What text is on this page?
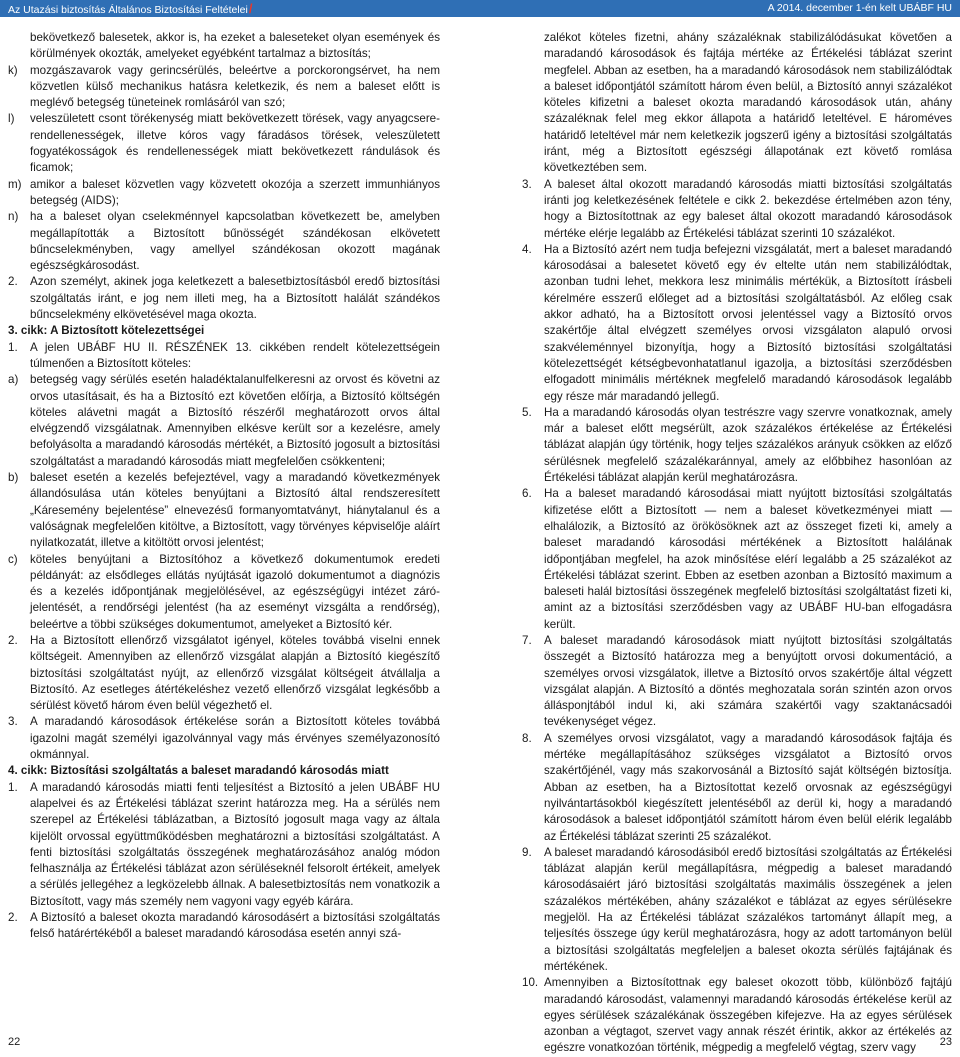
Az Utazási biztosítás Általános Biztosítási Feltételei/	A 2014. december 1-én kelt UBÁBF HU

bekövetkező balesetek, akkor is, ha ezeket a baleseteket olyan események és körülmények okozták, amelyeket egyébként tartalmaz a biztosítás;

k)	mozgászavarok vagy gerincsérülés, beleértve a porckorongsérvet, ha nem közvetlen külső mechanikus hatásra keletkezik, és nem a baleset előtt is meglévő betegség tüneteinek romlásáról van szó;
l)	veleszületett csont törékenység miatt bekövetkezett törések, vagy anyagcsere-rendellenességek, illetve kóros vagy fáradásos törések, veleszületett fogyatékosságok és rendellenességek miatt bekövetkezett rándulások és ficamok;
m) amikor a baleset közvetlen vagy közvetett okozója a szerzett immunhiányos betegség (AIDS);
n)	ha a baleset olyan cselekménnyel kapcsolatban következett be, amelyben megállapították a Biztosított bűnösségét szándékosan elkövetett bűncselekményben, vagy amellyel szándékosan okozott magának egészségkárosodást.
2.	Azon személyt, akinek joga keletkezett a balesetbiztosításból eredő biztosítási szolgáltatás iránt, e jog nem illeti meg, ha a Biztosított halálát szándékos bűncselekmény elkövetésével maga okozta.

3. cikk: A Biztosított kötelezettségei

1.	A jelen UBÁBF HU II. RÉSZÉNEK 13. cikkében rendelt kötelezettségein túlmenően a Biztosított köteles:
a)	betegség vagy sérülés esetén haladéktalanulfelkeresni az orvost és követni az orvos utasításait, és ha a Biztosító ezt követően előírja, a Biztosító költségén köteles alávetni magát a Biztosító részéről meghatározott orvos által elvégzendő vizsgálatnak. Amennyiben elkésve került sor a kezelésre, amely befolyásolta a maradandó károsodás mértékét, a Biztosító jogosult a biztosítási szolgáltatást a maradandó károsodás miatt megfelelően csökkenteni;
b)	baleset esetén a kezelés befejeztével, vagy a maradandó következmények állandósulása után köteles benyújtani a Biztosító által rendszeresített „Káresemény bejelentése” elnevezésű formanyomtatványt, hiánytalanul és a valóságnak megfelelően kitöltve, a Biztosított, vagy törvényes képviselője aláírt nyilatkozatát, illetve a kitöltött orvosi jelentést;
c)	köteles benyújtani a Biztosítóhoz a következő dokumentumok eredeti példányát: az elsődleges ellátás nyújtását igazoló dokumentumot a diagnózis és a kezelés időpontjának megjelölésével, az egészségügyi intézet záró-jelentését, a rendőrségi jelentést (ha az eseményt vizsgálta a rendőrség), beleértve a többi szükséges dokumentumot, amelyeket a Biztosító kér.
2.	Ha a Biztosított ellenőrző vizsgálatot igényel, köteles továbbá viselni ennek költségeit. Amennyiben az ellenőrző vizsgálat alapján a Biztosító kiegészítő biztosítási szolgáltatást nyújt, az ellenőrző vizsgálat költségeit átvállalja a Biztosító. Az esetleges átértékeléshez vezető ellenőrző vizsgálat legkésőbb a sérülést követő három éven belül végezhető el.
3.	A maradandó károsodások értékelése során a Biztosított köteles továbbá igazolni magát személyi igazolvánnyal vagy más érvényes személyazonosító okmánnyal.

4. cikk: Biztosítási szolgáltatás a baleset maradandó károsodás miatt

1.	A maradandó károsodás miatti fenti teljesítést a Biztosító a jelen UBÁBF HU alapelvei és az Értékelési táblázat szerint határozza meg. Ha a sérülés nem szerepel az Értékelési táblázatban, a Biztosító jogosult maga vagy az általa kijelölt orvossal együttműködésben meghatározni a biztosítási szolgáltatást. A fenti biztosítási szolgáltatás összegének meghatározásához analóg módon felhasználja az Értékelési táblázat azon sérüléseknél felsorolt értékeit, amelyek a sérülés jellegéhez a legközelebb állnak. A balesetbiztosítás nem vonatkozik a Biztosított, vagy más személy nem vagyoni vagy egyéb kárára.
2.	A Biztosító a baleset okozta maradandó károsodásért a biztosítási szolgáltatás felső határértékéből a baleset maradandó károsodása esetén annyi szá-

zalékot köteles fizetni, ahány százaléknak stabilizálódásukat követően a maradandó károsodások és fajtája mértéke az Értékelési táblázat szerint megfelel. Abban az esetben, ha a maradandó károsodások nem stabilizálódtak a baleset időpontjától számított három éven belül, a Biztosító annyi százalékot köteles kifizetni a baleset okozta maradandó károsodások után, ahány százaléknak felel meg ekkor állapota a határidő leteltével. E hároméves határidő leteltével már nem keletkezik jogszerű igény a biztosítási szolgáltatás iránt, még a Biztosított egészségi állapotának ezt követő romlása következtében sem.

3.	A baleset által okozott maradandó károsodás miatti biztosítási szolgáltatás iránti jog keletkezésének feltétele e cikk 2. bekezdése értelmében azon tény, hogy a Biztosítottnak az egy baleset által okozott maradandó károsodások mértéke elérje legalább az Értékelési táblázat szerinti 10 százalékot.
4.	Ha a Biztosító azért nem tudja befejezni vizsgálatát, mert a baleset maradandó károsodásai a balesetet követő egy év eltelte után nem stabilizálódtak, azonban tudni lehet, mekkora lesz minimális mértékük, a Biztosított írásbeli kérelmére esszerű előleget ad a biztosítási szolgáltatásból. Az előleg csak akkor adható, ha a Biztosított orvosi jelentéssel vagy a Biztosító orvos szakértője által elvégzett személyes orvosi vizsgálaton alapuló orvosi szakvéleménnyel bizonyítja, hogy a Biztosító biztosítási szolgáltatási kötelezettségét kétségbevonhatatlanul igazolja, a biztosítási szerződésben elfogadott minimális mértéknek megfelelő maradandó károsodások legalább egy része már maradandó jellegű.
5.	Ha a maradandó károsodás olyan testrészre vagy szervre vonatkoznak, amely már a baleset előtt megsérült, azok százalékos értékelése az Értékelési táblázat alapján úgy történik, hogy teljes százalékos arányuk csökken az előző sérülésnek megfelelő százalékaránnyal, amely az előbbihez hasonlóan az Értékelési táblázat alapján kerül meghatározásra.
6.	Ha a baleset maradandó károsodásai miatt nyújtott biztosítási szolgáltatás kifizetése előtt a Biztosított — nem a baleset következményei miatt — elhalálozik, a Biztosító az örökösöknek azt az összeget fizeti ki, amely a baleset maradandó károsodási mértékének a Biztosított halálának időpontjában megfelel, ha azok minősítése elérí legalább a 25 százalékot az Értékelési táblázat szerint. Ebben az esetben azonban a Biztosító maximum a baleseti halál biztosítási összegének megfelelő biztosítási szolgáltatást fizeti ki, amint az a biztosítási szerződésben vagy az UBÁBF HU-ban elfogadásra került.
7.	A baleset maradandó károsodások miatt nyújtott biztosítási szolgáltatás összegét a Biztosító határozza meg a benyújtott orvosi dokumentáció, a személyes orvosi vizsgálatok, illetve a Biztosító orvos szakértője által végzett vizsgálat alapján. A Biztosító a döntés meghozatala során szintén azon orvos állásponjtából indul ki, aki számára szakértői vagy szaktanácsadói tevékenységet végez.
8.	A személyes orvosi vizsgálatot, vagy a maradandó károsodások fajtája és mértéke megállapításához szükséges vizsgálatot a Biztosító orvos szakértőjénél, vagy más szakorvosánál a Biztosító saját költségén biztosítja. Abban az esetben, ha a Biztosítottat kezelő orvosnak az egészségügyi nyilvántartásokból kiegészített jelentéséből az derül ki, hogy a maradandó károsodások a baleset időpontjától számított három éven belül elérik legalább az Értékelési táblázat szerinti 25 százalékot.
9.	A baleset maradandó károsodásiból eredő biztosítási szolgáltatás az Értékelési táblázat alapján kerül megállapításra, mégpedig a baleset maradandó károsodásaiért járó biztosítási szolgáltatás maximális összegének a jelen százalékos mértékében, ahány százalékot e táblázat az egyes sérülésekre megjelöl. Ha az Értékelési táblázat százalékos tartományt állapít meg, a teljesítés összege úgy kerül meghatározásra, hogy az adott tartományon belül a biztosítási szolgáltatás megfeleljen a baleset okozta sérülés fajtájának és mértékének.
10. Amennyiben a Biztosítottnak egy baleset okozott több, különböző fajtájú maradandó károsodást, valamennyi maradandó károsodás értékelése kerül az egyes sérülések százalékának összegében kifejezve. Ha az egyes sérülések azonban a végtagot, szervet vagy annak részét érintik, akkor az értékelés az egészre vonatkozóan történik, mégpedig a megfelelő végtag, szerv vagy
22	23
